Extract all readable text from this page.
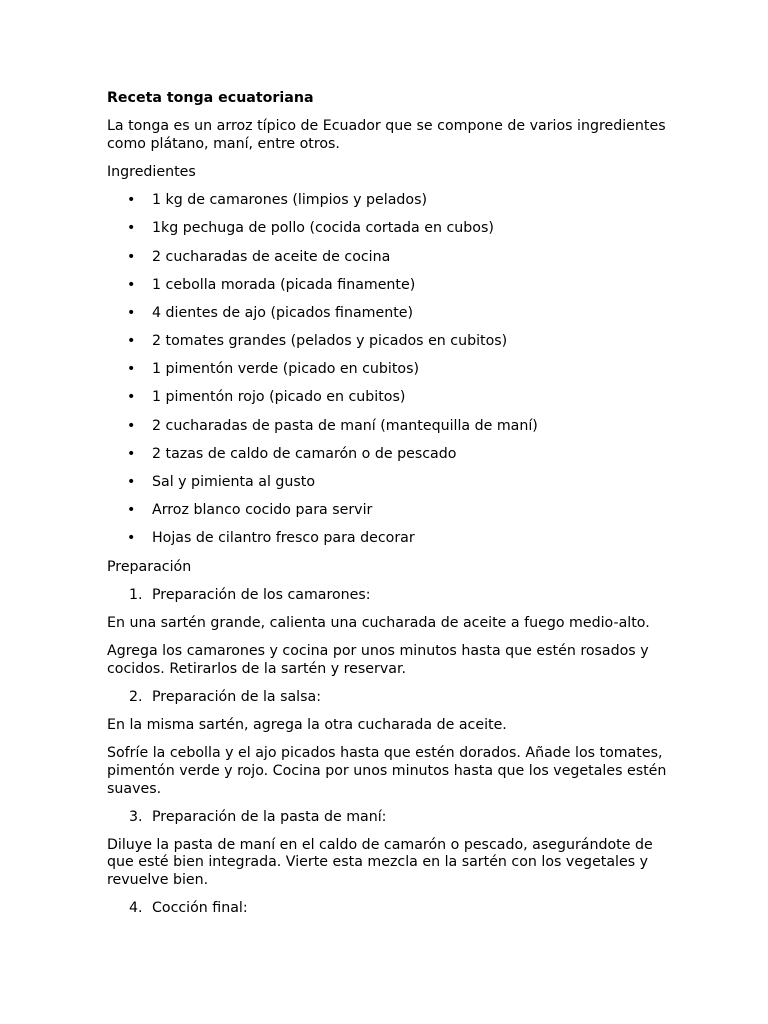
Receta tonga ecuatoriana
La tonga es un arroz típico de Ecuador que se compone de varios ingredientes como plátano, maní, entre otros.
Ingredientes
• 1 kg de camarones (limpios y pelados)
• 1kg pechuga de pollo (cocida cortada en cubos)
• 2 cucharadas de aceite de cocina
• 1 cebolla morada (picada finamente)
• 4 dientes de ajo (picados finamente)
• 2 tomates grandes (pelados y picados en cubitos)
• 1 pimentón verde (picado en cubitos)
• 1 pimentón rojo (picado en cubitos)
• 2 cucharadas de pasta de maní (mantequilla de maní)
• 2 tazas de caldo de camarón o de pescado
• Sal y pimienta al gusto
• Arroz blanco cocido para servir
• Hojas de cilantro fresco para decorar
Preparación
1. Preparación de los camarones:
En una sartén grande, calienta una cucharada de aceite a fuego medio-alto.
Agrega los camarones y cocina por unos minutos hasta que estén rosados y cocidos. Retirarlos de la sartén y reservar.
2. Preparación de la salsa:
En la misma sartén, agrega la otra cucharada de aceite.
Sofríe la cebolla y el ajo picados hasta que estén dorados. Añade los tomates, pimentón verde y rojo. Cocina por unos minutos hasta que los vegetales estén suaves.
3. Preparación de la pasta de maní:
Diluye la pasta de maní en el caldo de camarón o pescado, asegurándote de que esté bien integrada. Vierte esta mezcla en la sartén con los vegetales y revuelve bien.
4. Cocción final:
